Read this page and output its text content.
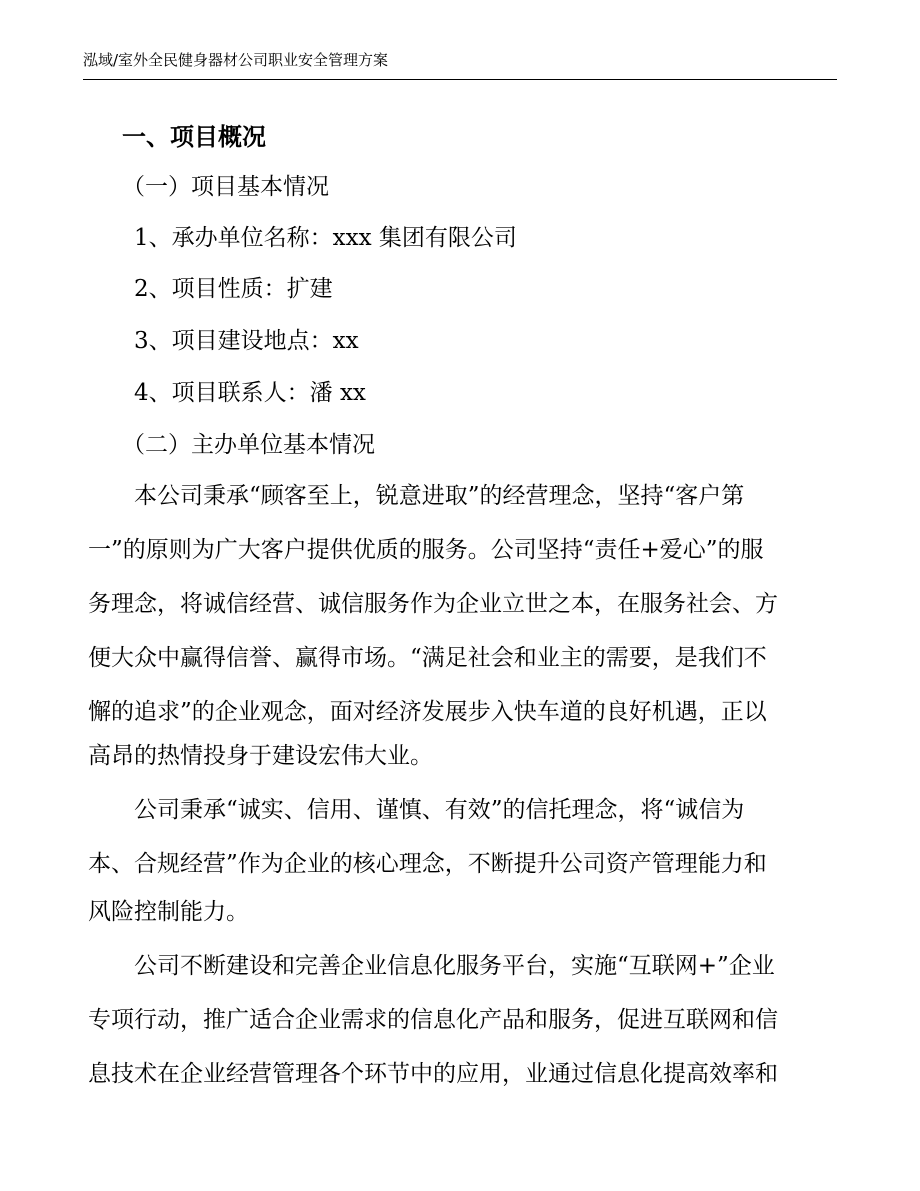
泓域/室外全民健身器材公司职业安全管理方案
一、项目概况
（一）项目基本情况
1、承办单位名称：xxx 集团有限公司
2、项目性质：扩建
3、项目建设地点：xx
4、项目联系人：潘 xx
（二）主办单位基本情况
本公司秉承“顾客至上，锐意进取”的经营理念，坚持“客户第
一”的原则为广大客户提供优质的服务。公司坚持“责任+爱心”的服
务理念，将诚信经营、诚信服务作为企业立世之本，在服务社会、方
便大众中赢得信誉、赢得市场。“满足社会和业主的需要，是我们不
懈的追求”的企业观念，面对经济发展步入快车道的良好机遇，正以
高昂的热情投身于建设宏伟大业。
公司秉承“诚实、信用、谨慎、有效”的信托理念，将“诚信为
本、合规经营”作为企业的核心理念，不断提升公司资产管理能力和
风险控制能力。
公司不断建设和完善企业信息化服务平台，实施“互联网+”企业
专项行动，推广适合企业需求的信息化产品和服务，促进互联网和信
息技术在企业经营管理各个环节中的应用，业通过信息化提高效率和
